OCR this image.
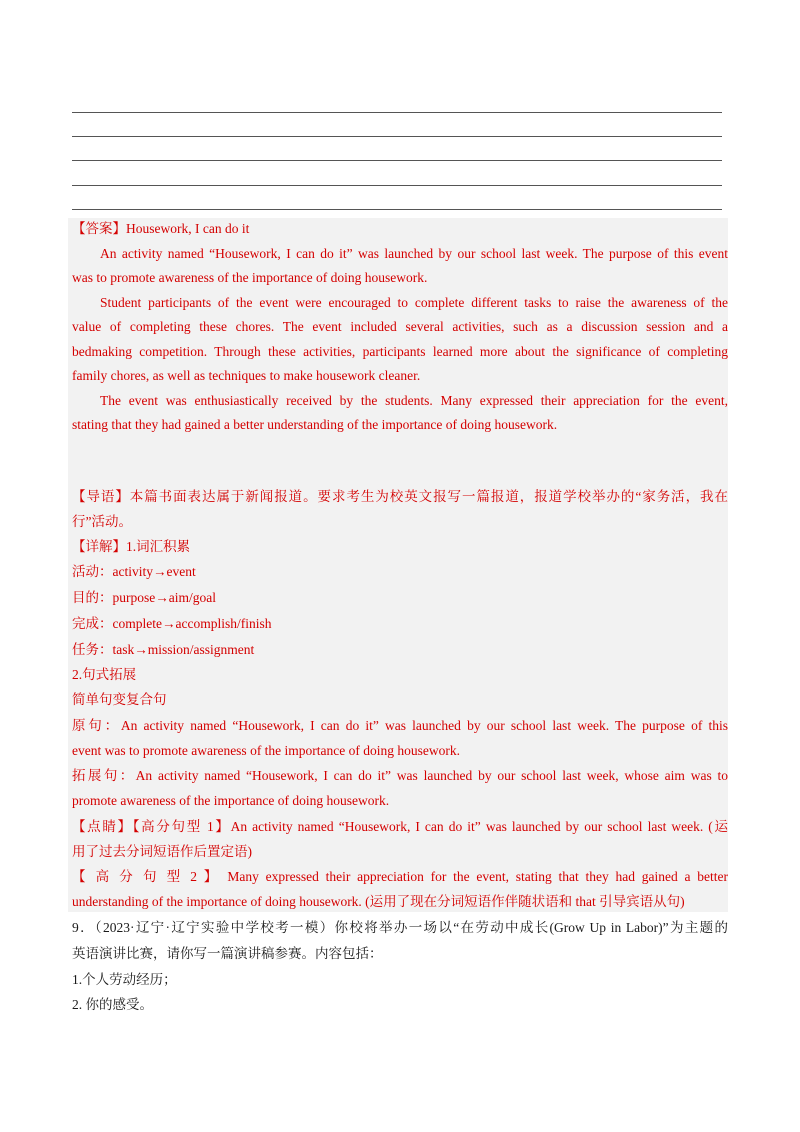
【答案】Housework, I can do it
An activity named “Housework, I can do it” was launched by our school last week. The purpose of this event
was to promote awareness of the importance of doing housework.
Student participants of the event were encouraged to complete different tasks to raise the awareness of the
value of completing these chores. The event included several activities, such as a discussion session and a
bedmaking competition. Through these activities, participants learned more about the significance of completing
family chores, as well as techniques to make housework cleaner.
The event was enthusiastically received by the students. Many expressed their appreciation for the event,
stating that they had gained a better understanding of the importance of doing housework.
【导语】本篇书面表达属于新闻报道。要求考生为校英文报写一篇报道，报道学校举办的“家务活，我在
行”活动。
【详解】1.词汇积累
活动：activity→event
目的：purpose→aim/goal
完成：complete→accomplish/finish
任务：task→mission/assignment
2.句式拓展
简单句变复合句
原句：An activity named “Housework, I can do it” was launched by our school last week. The purpose of this
event was to promote awareness of the importance of doing housework.
拓展句：An activity named “Housework, I can do it” was launched by our school last week, whose aim was to
promote awareness of the importance of doing housework.
【点睛】【高分句型 1】An activity named “Housework, I can do it” was launched by our school last week. (运
用了过去分词短语作后置定语)
【 高 分 句 型 2 】 Many expressed their appreciation for the event, stating that they had gained a better
understanding of the importance of doing housework. (运用了现在分词短语作伴随状语和 that 引导宾语从句)
9．（2023·辽宁·辽宁实验中学校考一模）你校将举办一场以“在劳动中成长(Grow Up in Labor)”为主题的
英语演讲比赛，请你写一篇演讲稿参赛。内容包括：
1.个人劳动经历；
2. 你的感受。
